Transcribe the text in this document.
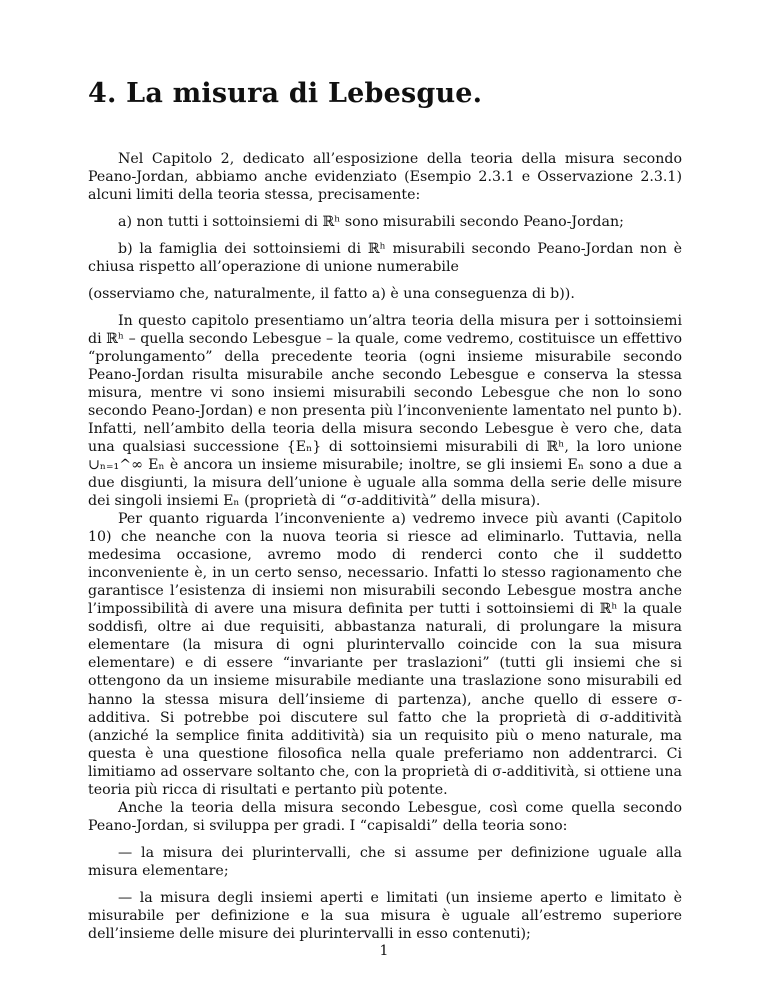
4. La misura di Lebesgue.

Nel Capitolo 2, dedicato all’esposizione della teoria della misura secondo Peano-Jordan, abbiamo anche evidenziato (Esempio 2.3.1 e Osservazione 2.3.1) alcuni limiti della teoria stessa, precisamente:

a) non tutti i sottoinsiemi di ℝʰ sono misurabili secondo Peano-Jordan;

b) la famiglia dei sottoinsiemi di ℝʰ misurabili secondo Peano-Jordan non è chiusa rispetto all’operazione di unione numerabile

(osserviamo che, naturalmente, il fatto a) è una conseguenza di b)).

In questo capitolo presentiamo un’altra teoria della misura per i sottoinsiemi di ℝʰ – quella secondo Lebesgue – la quale, come vedremo, costituisce un effettivo “prolungamento” della precedente teoria (ogni insieme misurabile secondo Peano-Jordan risulta misurabile anche secondo Lebesgue e conserva la stessa misura, mentre vi sono insiemi misurabili secondo Lebesgue che non lo sono secondo Peano-Jordan) e non presenta più l’inconveniente lamentato nel punto b). Infatti, nell’ambito della teoria della misura secondo Lebesgue è vero che, data una qualsiasi successione {Eₙ} di sottoinsiemi misurabili di ℝʰ, la loro unione ∪ₙ₌₁^∞ Eₙ è ancora un insieme misurabile; inoltre, se gli insiemi Eₙ sono a due a due disgiunti, la misura dell’unione è uguale alla somma della serie delle misure dei singoli insiemi Eₙ (proprietà di “σ-additività” della misura).

Per quanto riguarda l’inconveniente a) vedremo invece più avanti (Capitolo 10) che neanche con la nuova teoria si riesce ad eliminarlo. Tuttavia, nella medesima occasione, avremo modo di renderci conto che il suddetto inconveniente è, in un certo senso, necessario. Infatti lo stesso ragionamento che garantisce l’esistenza di insiemi non misurabili secondo Lebesgue mostra anche l’impossibilità di avere una misura definita per tutti i sottoinsiemi di ℝʰ la quale soddisfi, oltre ai due requisiti, abbastanza naturali, di prolungare la misura elementare (la misura di ogni plurintervallo coincide con la sua misura elementare) e di essere “invariante per traslazioni” (tutti gli insiemi che si ottengono da un insieme misurabile mediante una traslazione sono misurabili ed hanno la stessa misura dell’insieme di partenza), anche quello di essere σ-additiva. Si potrebbe poi discutere sul fatto che la proprietà di σ-additività (anziché la semplice finita additività) sia un requisito più o meno naturale, ma questa è una questione filosofica nella quale preferiamo non addentrarci. Ci limitiamo ad osservare soltanto che, con la proprietà di σ-additività, si ottiene una teoria più ricca di risultati e pertanto più potente.

Anche la teoria della misura secondo Lebesgue, così come quella secondo Peano-Jordan, si sviluppa per gradi. I “capisaldi” della teoria sono:

— la misura dei plurintervalli, che si assume per definizione uguale alla misura elementare;

— la misura degli insiemi aperti e limitati (un insieme aperto e limitato è misurabile per definizione e la sua misura è uguale all’estremo superiore dell’insieme delle misure dei plurintervalli in esso contenuti);

1
